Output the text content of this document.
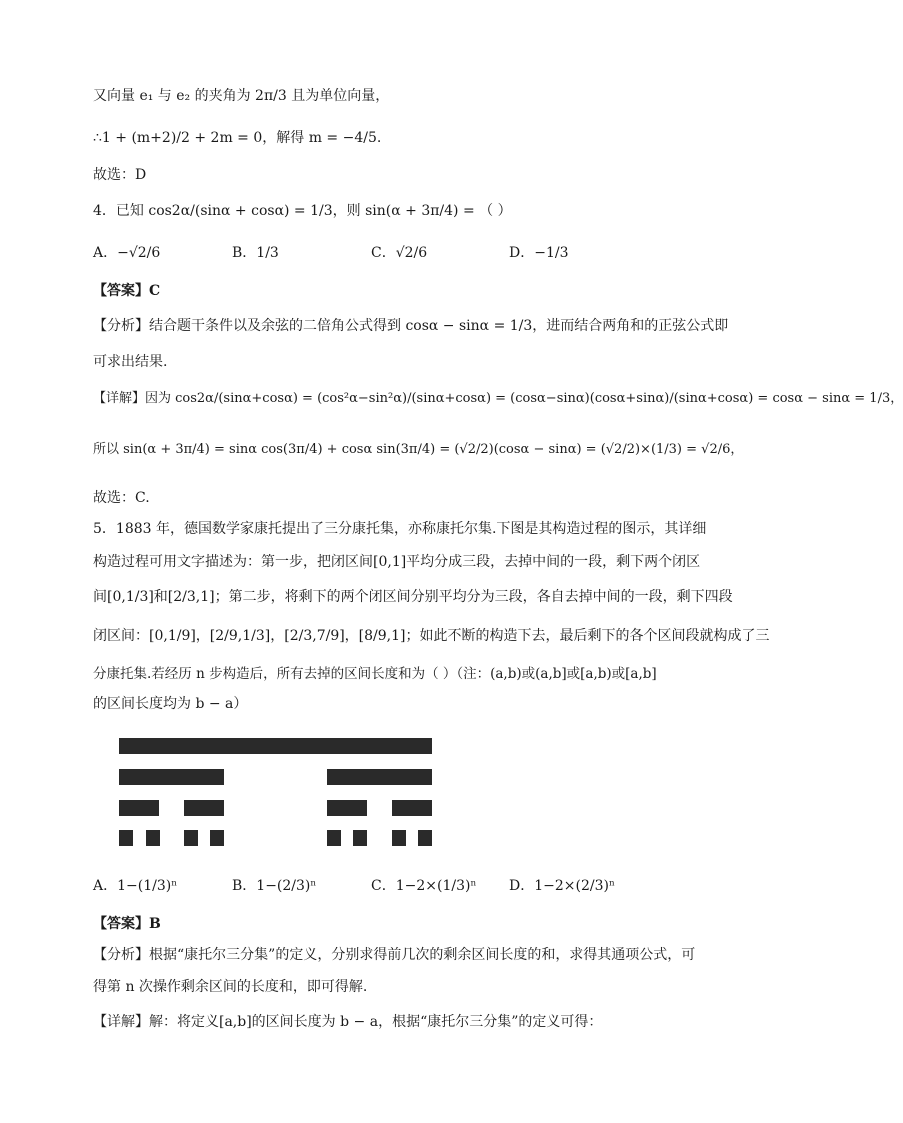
又向量 e₁ 与 e₂ 的夹角为 2π/3 且为单位向量，
∴1 + (m+2)/2 + 2m = 0，解得 m = −4/5.
故选：D
4．已知 cos2α/(sinα + cosα) = 1/3，则 sin(α + 3π/4) = （ ）
A．−√2/6	B．1/3	C．√2/6	D．−1/3
【答案】C
【分析】结合题干条件以及余弦的二倍角公式得到 cosα − sinα = 1/3，进而结合两角和的正弦公式即
可求出结果.
【详解】因为 cos2α/(sinα+cosα) = (cos²α−sin²α)/(sinα+cosα) = (cosα−sinα)(cosα+sinα)/(sinα+cosα) = cosα − sinα = 1/3，
所以 sin(α + 3π/4) = sinα cos(3π/4) + cosα sin(3π/4) = (√2/2)(cosα − sinα) = (√2/2)×(1/3) = √2/6，
故选：C.
5．1883 年，德国数学家康托提出了三分康托集，亦称康托尔集.下图是其构造过程的图示，其详细
构造过程可用文字描述为：第一步，把闭区间[0,1]平均分成三段，去掉中间的一段，剩下两个闭区
间[0,1/3]和[2/3,1]；第二步，将剩下的两个闭区间分别平均分为三段，各自去掉中间的一段，剩下四段
闭区间：[0,1/9]，[2/9,1/3]，[2/3,7/9]，[8/9,1]；如此不断的构造下去，最后剩下的各个区间段就构成了三
分康托集.若经历 n 步构造后，所有去掉的区间长度和为（ ）（注：(a,b)或(a,b]或[a,b)或[a,b]
的区间长度均为 b − a）
A．1−(1/3)ⁿ	B．1−(2/3)ⁿ	C．1−2×(1/3)ⁿ D．1−2×(2/3)ⁿ
【答案】B
【分析】根据“康托尔三分集”的定义，分别求得前几次的剩余区间长度的和，求得其通项公式，可
得第 n 次操作剩余区间的长度和，即可得解.
【详解】解：将定义[a,b]的区间长度为 b − a，根据“康托尔三分集”的定义可得：
